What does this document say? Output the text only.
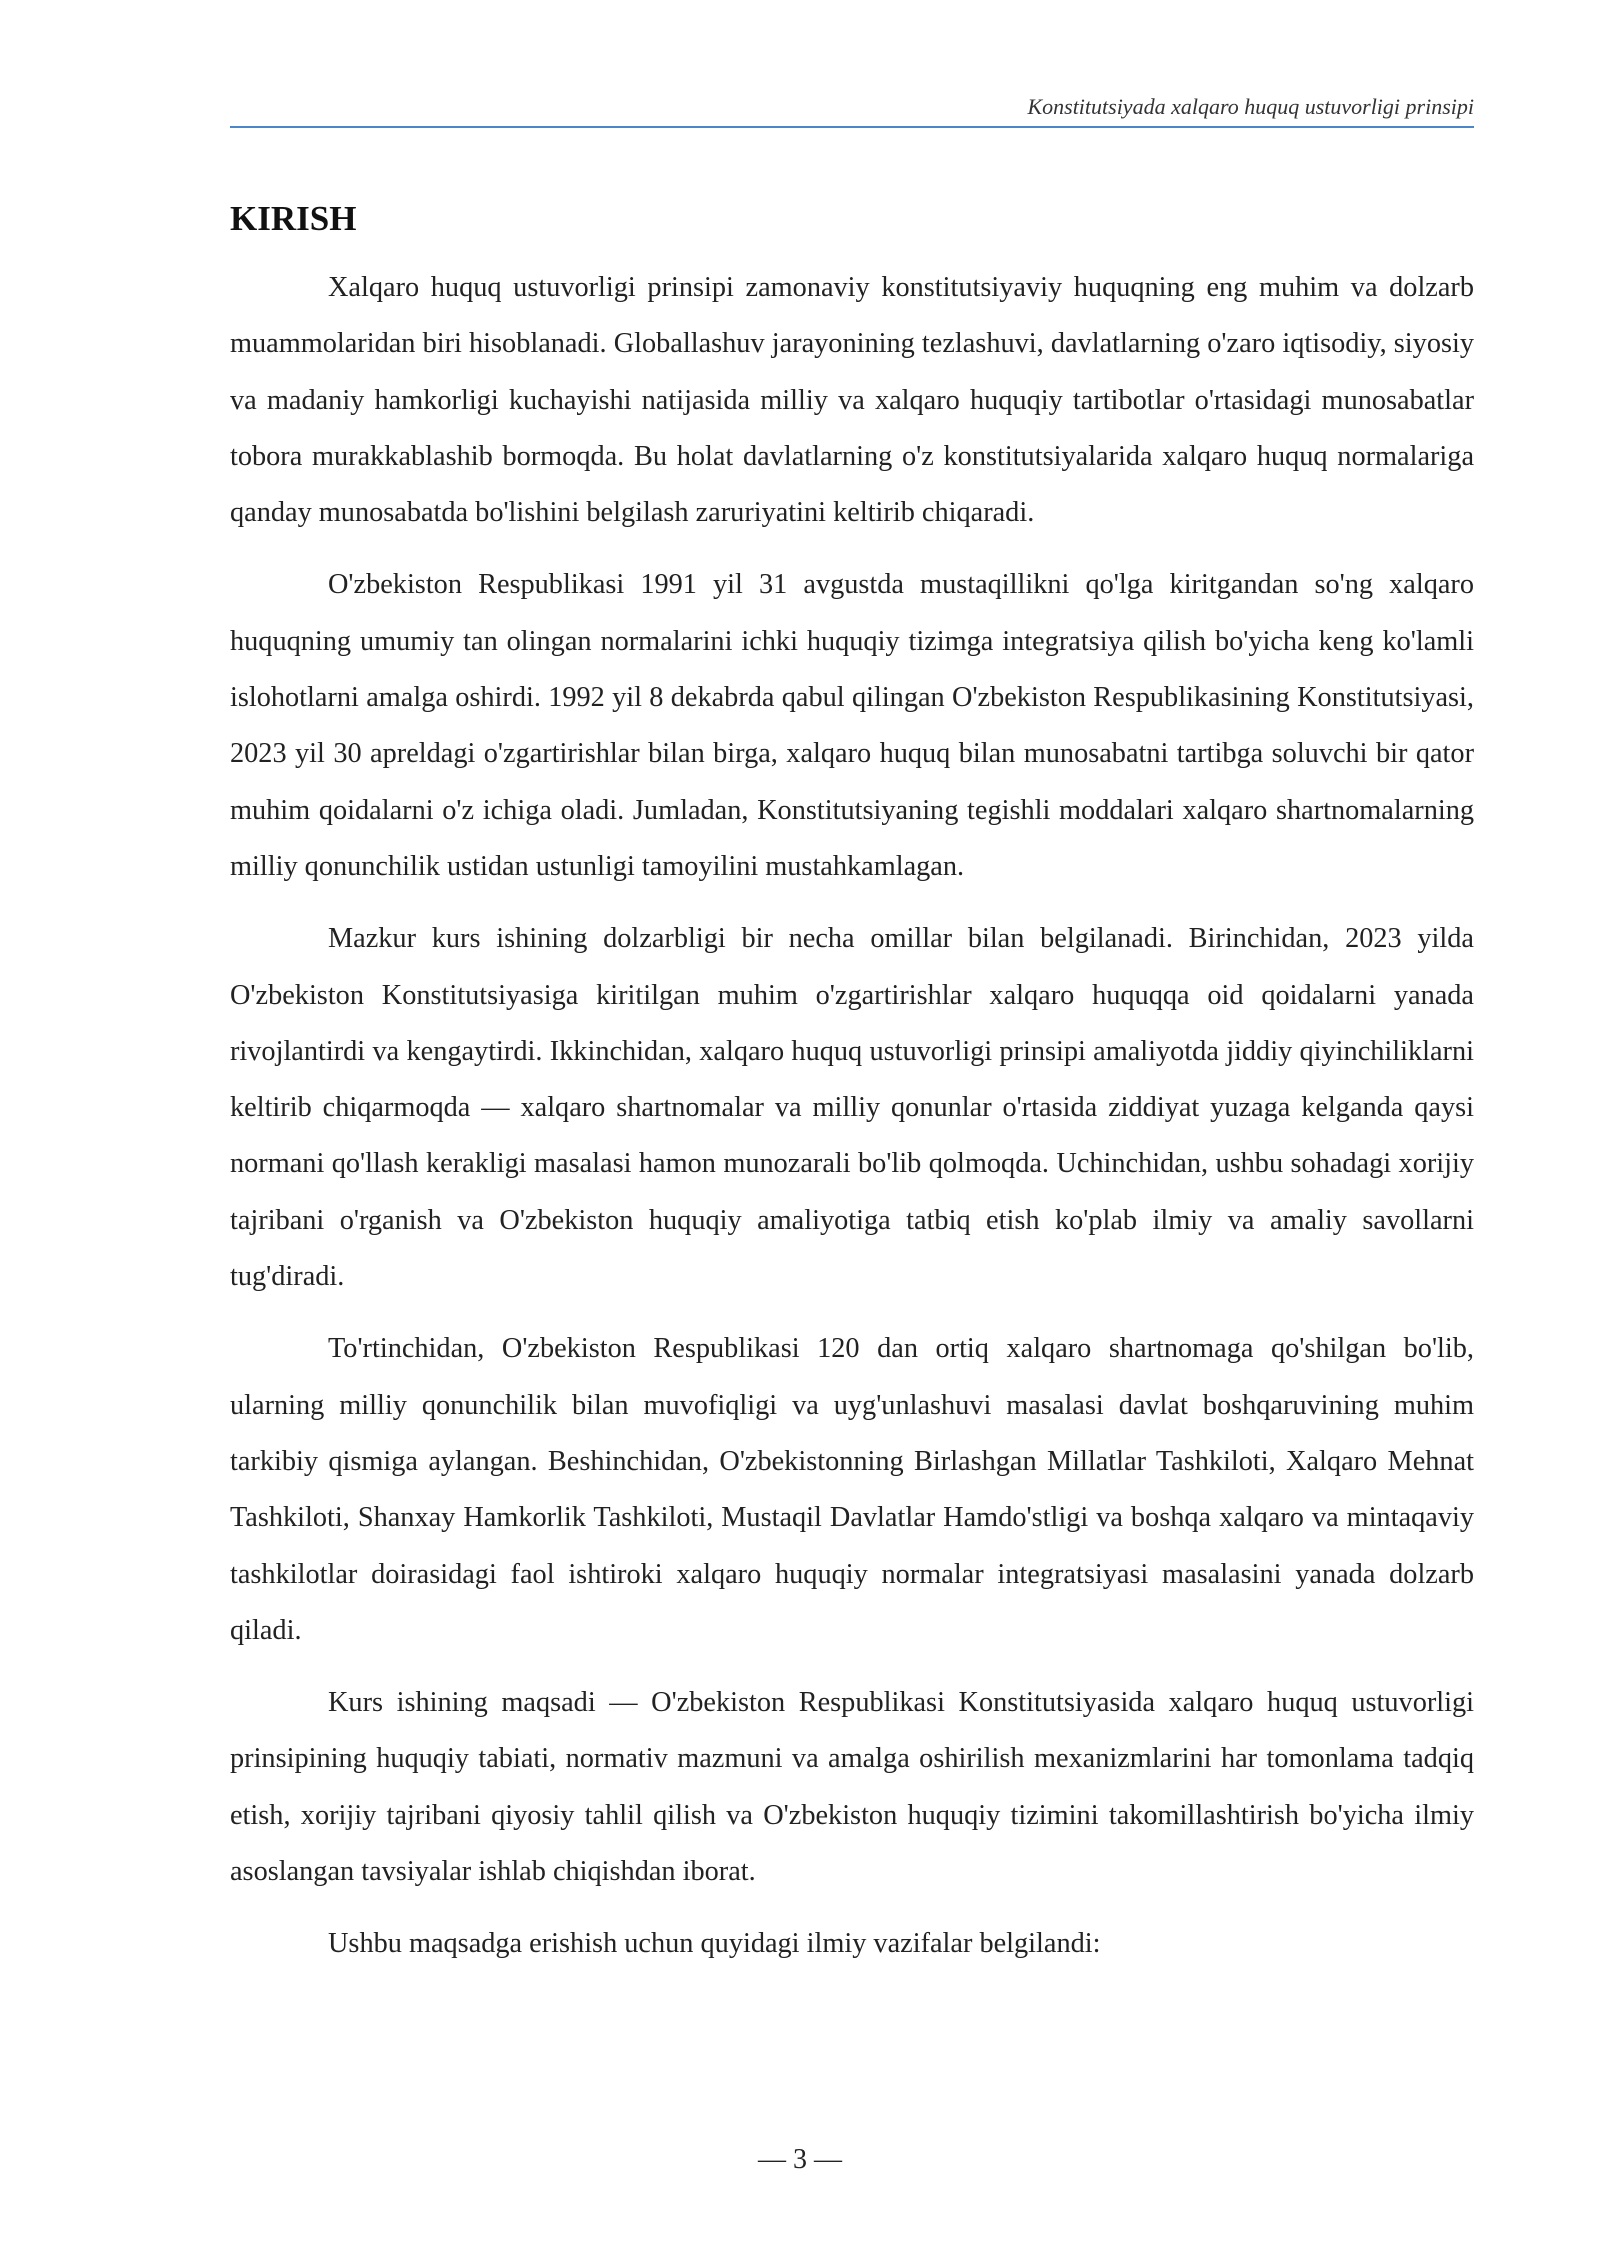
Konstitutsiyada xalqaro huquq ustuvorligi prinsipi
KIRISH

Xalqaro huquq ustuvorligi prinsipi zamonaviy konstitutsiyaviy huquqning eng muhim va dolzarb muammolaridan biri hisoblanadi. Globallashuv jarayonining tezlashuvi, davlatlarning o'zaro iqtisodiy, siyosiy va madaniy hamkorligi kuchayishi natijasida milliy va xalqaro huquqiy tartibotlar o'rtasidagi munosabatlar tobora murakkablashib bormoqda. Bu holat davlatlarning o'z konstitutsiyalarida xalqaro huquq normalariga qanday munosabatda bo'lishini belgilash zaruriyatini keltirib chiqaradi.

O'zbekiston Respublikasi 1991 yil 31 avgustda mustaqillikni qo'lga kiritgandan so'ng xalqaro huquqning umumiy tan olingan normalarini ichki huquqiy tizimga integratsiya qilish bo'yicha keng ko'lamli islohotlarni amalga oshirdi. 1992 yil 8 dekabrda qabul qilingan O'zbekiston Respublikasining Konstitutsiyasi, 2023 yil 30 apreldagi o'zgartirishlar bilan birga, xalqaro huquq bilan munosabatni tartibga soluvchi bir qator muhim qoidalarni o'z ichiga oladi. Jumladan, Konstitutsiyaning tegishli moddalari xalqaro shartnomalarning milliy qonunchilik ustidan ustunligi tamoyilini mustahkamlagan.

Mazkur kurs ishining dolzarbligi bir necha omillar bilan belgilanadi. Birinchidan, 2023 yilda O'zbekiston Konstitutsiyasiga kiritilgan muhim o'zgartirishlar xalqaro huquqqa oid qoidalarni yanada rivojlantirdi va kengaytirdi. Ikkinchidan, xalqaro huquq ustuvorligi prinsipi amaliyotda jiddiy qiyinchiliklarni keltirib chiqarmoqda — xalqaro shartnomalar va milliy qonunlar o'rtasida ziddiyat yuzaga kelganda qaysi normani qo'llash kerakligi masalasi hamon munozarali bo'lib qolmoqda. Uchinchidan, ushbu sohadagi xorijiy tajribani o'rganish va O'zbekiston huquqiy amaliyotiga tatbiq etish ko'plab ilmiy va amaliy savollarni tug'diradi.

To'rtinchidan, O'zbekiston Respublikasi 120 dan ortiq xalqaro shartnomaga qo'shilgan bo'lib, ularning milliy qonunchilik bilan muvofiqligi va uyg'unlashuvi masalasi davlat boshqaruvining muhim tarkibiy qismiga aylangan. Beshinchidan, O'zbekistonning Birlashgan Millatlar Tashkiloti, Xalqaro Mehnat Tashkiloti, Shanxay Hamkorlik Tashkiloti, Mustaqil Davlatlar Hamdo'stligi va boshqa xalqaro va mintaqaviy tashkilotlar doirasidagi faol ishtiroki xalqaro huquqiy normalar integratsiyasi masalasini yanada dolzarb qiladi.

Kurs ishining maqsadi — O'zbekiston Respublikasi Konstitutsiyasida xalqaro huquq ustuvorligi prinsipining huquqiy tabiati, normativ mazmuni va amalga oshirilish mexanizmlarini har tomonlama tadqiq etish, xorijiy tajribani qiyosiy tahlil qilish va O'zbekiston huquqiy tizimini takomillashtirish bo'yicha ilmiy asoslangan tavsiyalar ishlab chiqishdan iborat.

Ushbu maqsadga erishish uchun quyidagi ilmiy vazifalar belgilandi:

— 3 —
